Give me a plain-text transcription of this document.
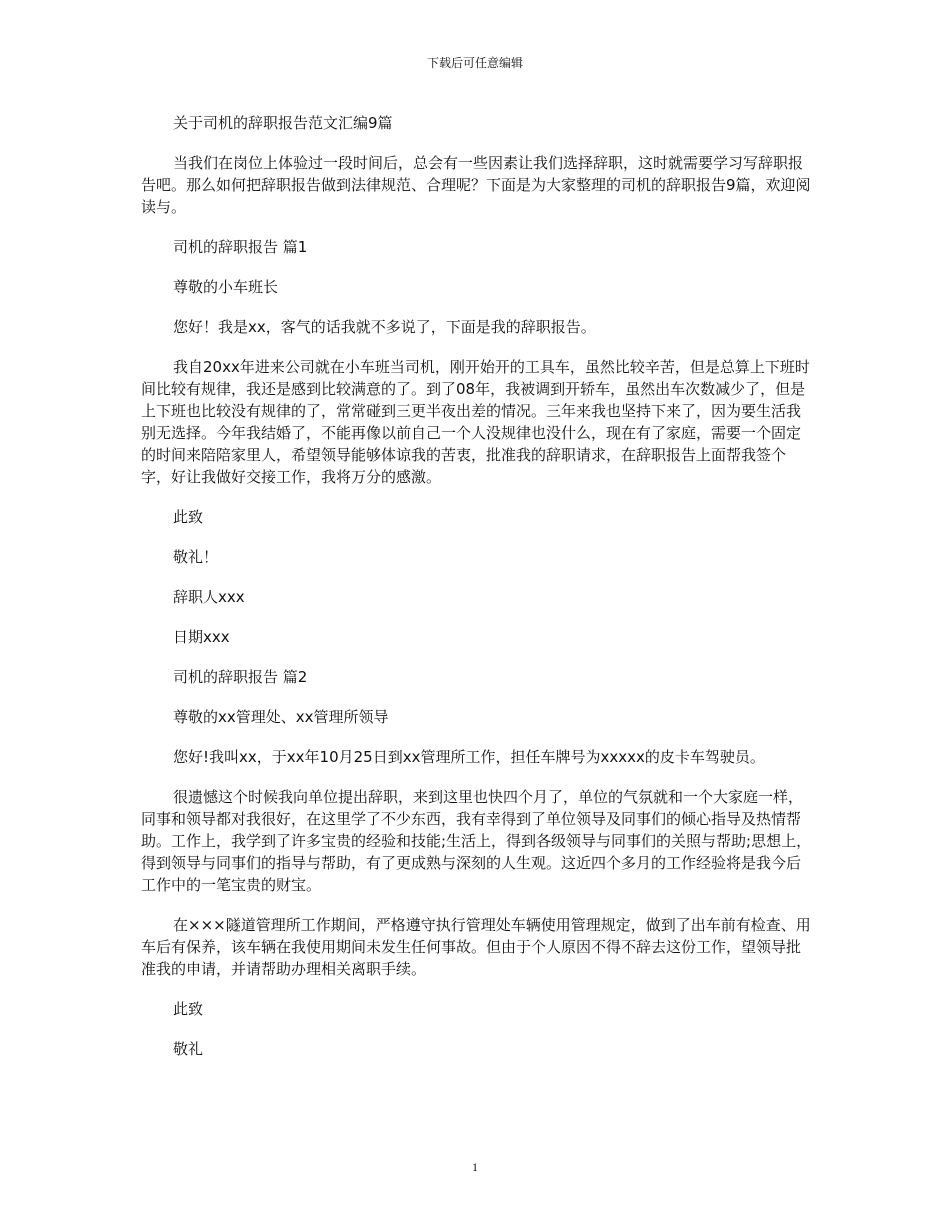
下载后可任意编辑

关于司机的辞职报告范文汇编9篇

当我们在岗位上体验过一段时间后，总会有一些因素让我们选择辞职，这时就需要学习写辞职报告吧。那么如何把辞职报告做到法律规范、合理呢？下面是为大家整理的司机的辞职报告9篇，欢迎阅读与。

司机的辞职报告 篇1

尊敬的小车班长

您好！我是xx，客气的话我就不多说了，下面是我的辞职报告。

我自20xx年进来公司就在小车班当司机，刚开始开的工具车，虽然比较辛苦，但是总算上下班时间比较有规律，我还是感到比较满意的了。到了08年，我被调到开轿车，虽然出车次数减少了，但是上下班也比较没有规律的了，常常碰到三更半夜出差的情况。三年来我也坚持下来了，因为要生活我别无选择。今年我结婚了，不能再像以前自己一个人没规律也没什么，现在有了家庭，需要一个固定的时间来陪陪家里人，希望领导能够体谅我的苦衷，批准我的辞职请求，在辞职报告上面帮我签个字，好让我做好交接工作，我将万分的感激。

此致

敬礼！

辞职人xxx

日期xxx

司机的辞职报告 篇2

尊敬的xx管理处、xx管理所领导

您好!我叫xx，于xx年10月25日到xx管理所工作，担任车牌号为xxxxx的皮卡车驾驶员。

很遗憾这个时候我向单位提出辞职，来到这里也快四个月了，单位的气氛就和一个大家庭一样，同事和领导都对我很好，在这里学了不少东西，我有幸得到了单位领导及同事们的倾心指导及热情帮助。工作上，我学到了许多宝贵的经验和技能;生活上，得到各级领导与同事们的关照与帮助;思想上，得到领导与同事们的指导与帮助，有了更成熟与深刻的人生观。这近四个多月的工作经验将是我今后工作中的一笔宝贵的财宝。

在×××隧道管理所工作期间，严格遵守执行管理处车辆使用管理规定，做到了出车前有检查、用车后有保养，该车辆在我使用期间未发生任何事故。但由于个人原因不得不辞去这份工作，望领导批准我的申请，并请帮助办理相关离职手续。

此致

敬礼

1
